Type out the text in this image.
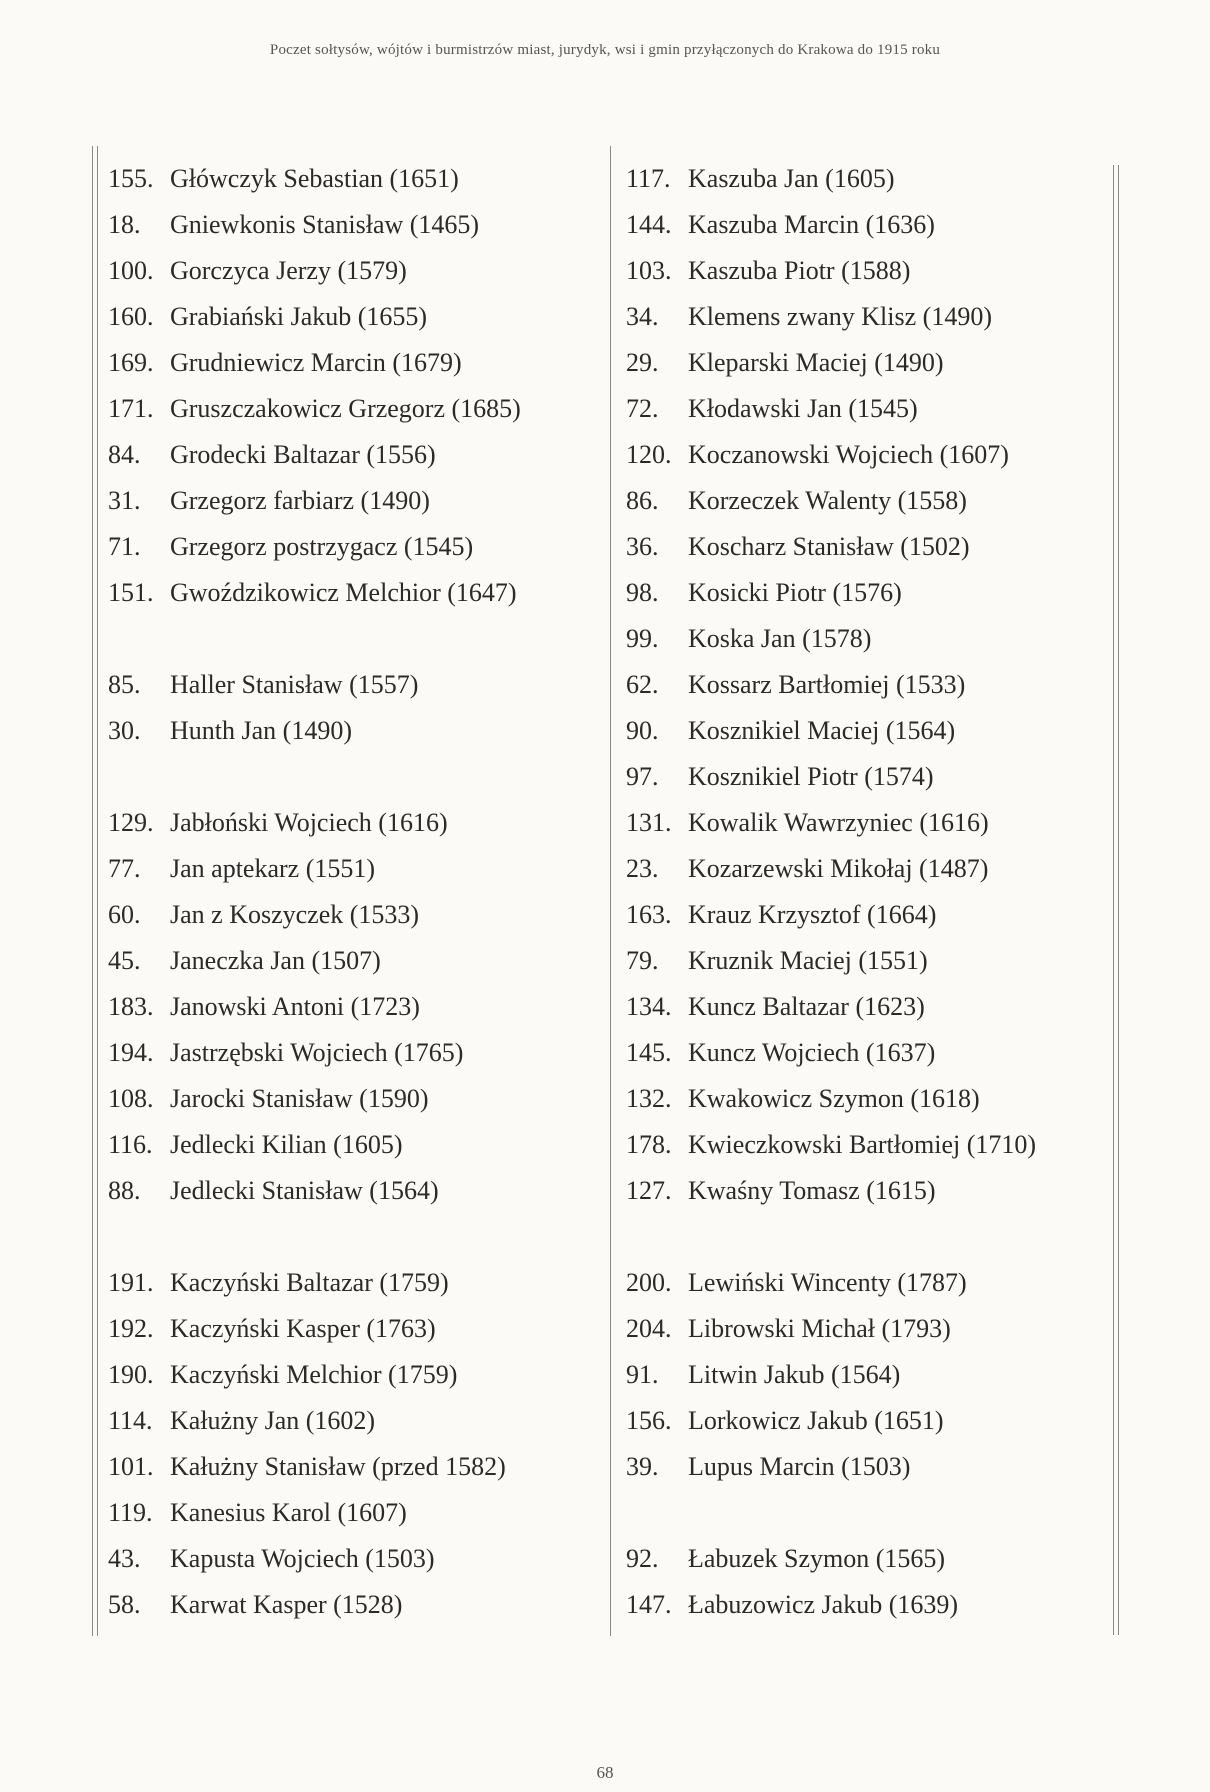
Poczet sołtysów, wójtów i burmistrzów miast, jurydyk, wsi i gmin przyłączonych do Krakowa do 1915 roku
155. Główczyk Sebastian (1651)
18.	Gniewkonis Stanisław (1465)
100. Gorczyca Jerzy (1579)
160. Grabiański Jakub (1655)
169. Grudniewicz Marcin (1679)
171. Gruszczakowicz Grzegorz (1685)
84.	Grodecki Baltazar (1556)
31.	Grzegorz farbiarz (1490)
71.	Grzegorz postrzygacz (1545)
151. Gwoździkowicz Melchior (1647)
85.	Haller Stanisław (1557)
30.	Hunth Jan (1490)
129. Jabłoński Wojciech (1616)
77.	Jan aptekarz (1551)
60.	Jan z Koszyczek (1533)
45.	Janeczka Jan (1507)
183. Janowski Antoni (1723)
194. Jastrzębski Wojciech (1765)
108. Jarocki Stanisław (1590)
116. Jedlecki Kilian (1605)
88.	Jedlecki Stanisław (1564)
191. Kaczyński Baltazar (1759)
192. Kaczyński Kasper (1763)
190. Kaczyński Melchior (1759)
114. Kałużny Jan (1602)
101. Kałużny Stanisław (przed 1582)
119. Kanesius Karol (1607)
43.	Kapusta Wojciech (1503)
58.	Karwat Kasper (1528)
117. Kaszuba Jan (1605)
144. Kaszuba Marcin (1636)
103. Kaszuba Piotr (1588)
34.	Klemens zwany Klisz (1490)
29.	Kleparski Maciej (1490)
72.	Kłodawski Jan (1545)
120. Koczanowski Wojciech (1607)
86.	Korzeczek Walenty (1558)
36.	Koscharz Stanisław (1502)
98.	Kosicki Piotr (1576)
99.	Koska Jan (1578)
62.	Kossarz Bartłomiej (1533)
90.	Kosznikiel Maciej (1564)
97.	Kosznikiel Piotr (1574)
131. Kowalik Wawrzyniec (1616)
23.	Kozarzewski Mikołaj (1487)
163. Krauz Krzysztof (1664)
79.	Kruznik Maciej (1551)
134. Kuncz Baltazar (1623)
145. Kuncz Wojciech (1637)
132. Kwakowicz Szymon (1618)
178. Kwieczkowski Bartłomiej (1710)
127. Kwaśny Tomasz (1615)
200. Lewiński Wincenty (1787)
204. Librowski Michał (1793)
91.	Litwin Jakub (1564)
156. Lorkowicz Jakub (1651)
39.	Lupus Marcin (1503)
92.	Łabuzek Szymon (1565)
147. Łabuzowicz Jakub (1639)
68
